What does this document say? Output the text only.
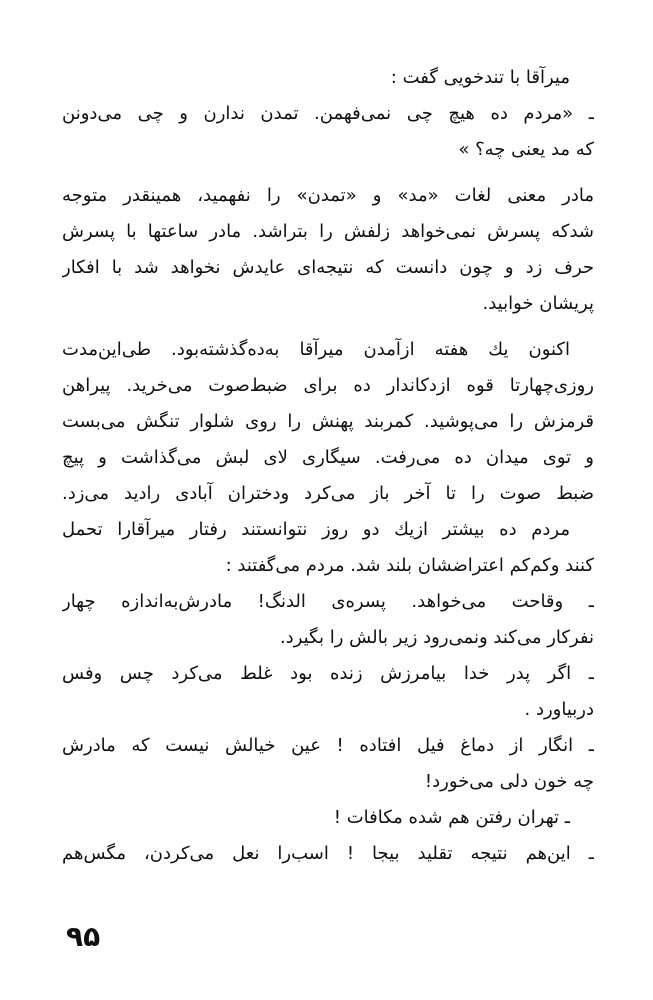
میرآقا با تندخویی گفت :
ـ «مردم ده هیچ چی نمی‌فهمن. تمدن ندارن و چی می‌دونن
که مد یعنی چه؟ »
مادر معنی لغات «مد» و «تمدن» را نفهمید، همینقدر متوجه
شدکه پسرش نمی‌خواهد زلفش را بتراشد. مادر ساعتها با پسرش
حرف زد و چون دانست که نتیجه‌ای عایدش نخواهد شد با افکار
پریشان خوابید.
اکنون یك هفته ازآمدن میرآقا به‌ده‌گذشته‌بود. طی‌این‌مدت
روزی‌چهارتا قوه ازدکاندار ده برای ضبط‌صوت می‌خرید. پیراهن
قرمزش را می‌پوشید. کمربند پهنش را روی شلوار تنگش می‌بست
و توی میدان ده می‌رفت. سیگاری لای لبش می‌گذاشت و پیچ
ضبط صوت را تا آخر باز می‌کرد ودختران آبادی رادید می‌زد.
مردم ده بیشتر ازیك دو روز نتوانستند رفتار میرآقارا تحمل
کنند وکم‌کم اعتراضشان بلند شد. مردم می‌گفتند :
ـ وقاحت می‌خواهد. پسره‌ی الدنگ! مادرش‌به‌اندازه چهار
نفرکار می‌کند ونمی‌رود زیر بالش را بگیرد.
ـ اگر پدر خدا بیامرزش زنده بود غلط می‌کرد چس وفس
دربیاورد .
ـ انگار از دماغ فیل افتاده ! عین خیالش نیست که مادرش
چه خون دلی می‌خورد!
ـ تهران رفتن هم شده مکافات !
ـ این‌هم نتیجه تقلید بیجا ! اسب‌را نعل می‌کردن، مگس‌هم
۹۵
